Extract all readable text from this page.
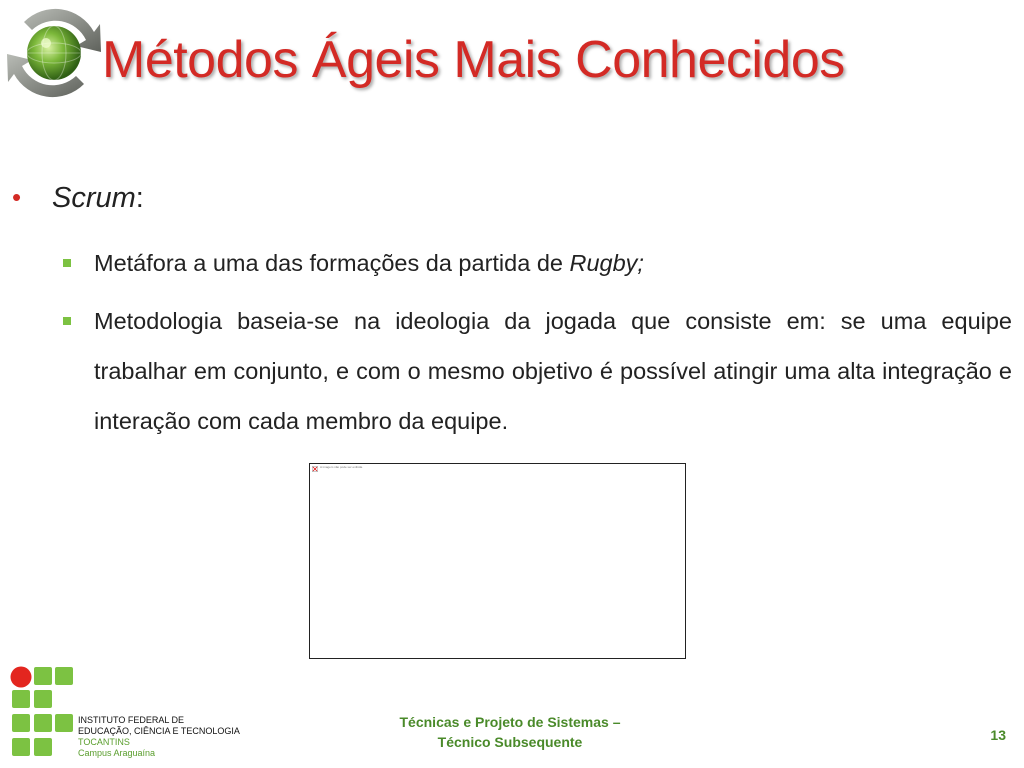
Métodos Ágeis Mais Conhecidos
• Scrum:
Metáfora a uma das formações da partida de Rugby;
Metodologia baseia-se na ideologia da jogada que consiste em: se uma equipe trabalhar em conjunto, e com o mesmo objetivo é possível atingir uma alta integração e interação com cada membro da equipe.
A imagem não pode ser exibida.
INSTITUTO FEDERAL DE
EDUCAÇÃO, CIÊNCIA E TECNOLOGIA
TOCANTINS
Campus Araguaína
Técnicas e Projeto de Sistemas –
Técnico Subsequente	13
